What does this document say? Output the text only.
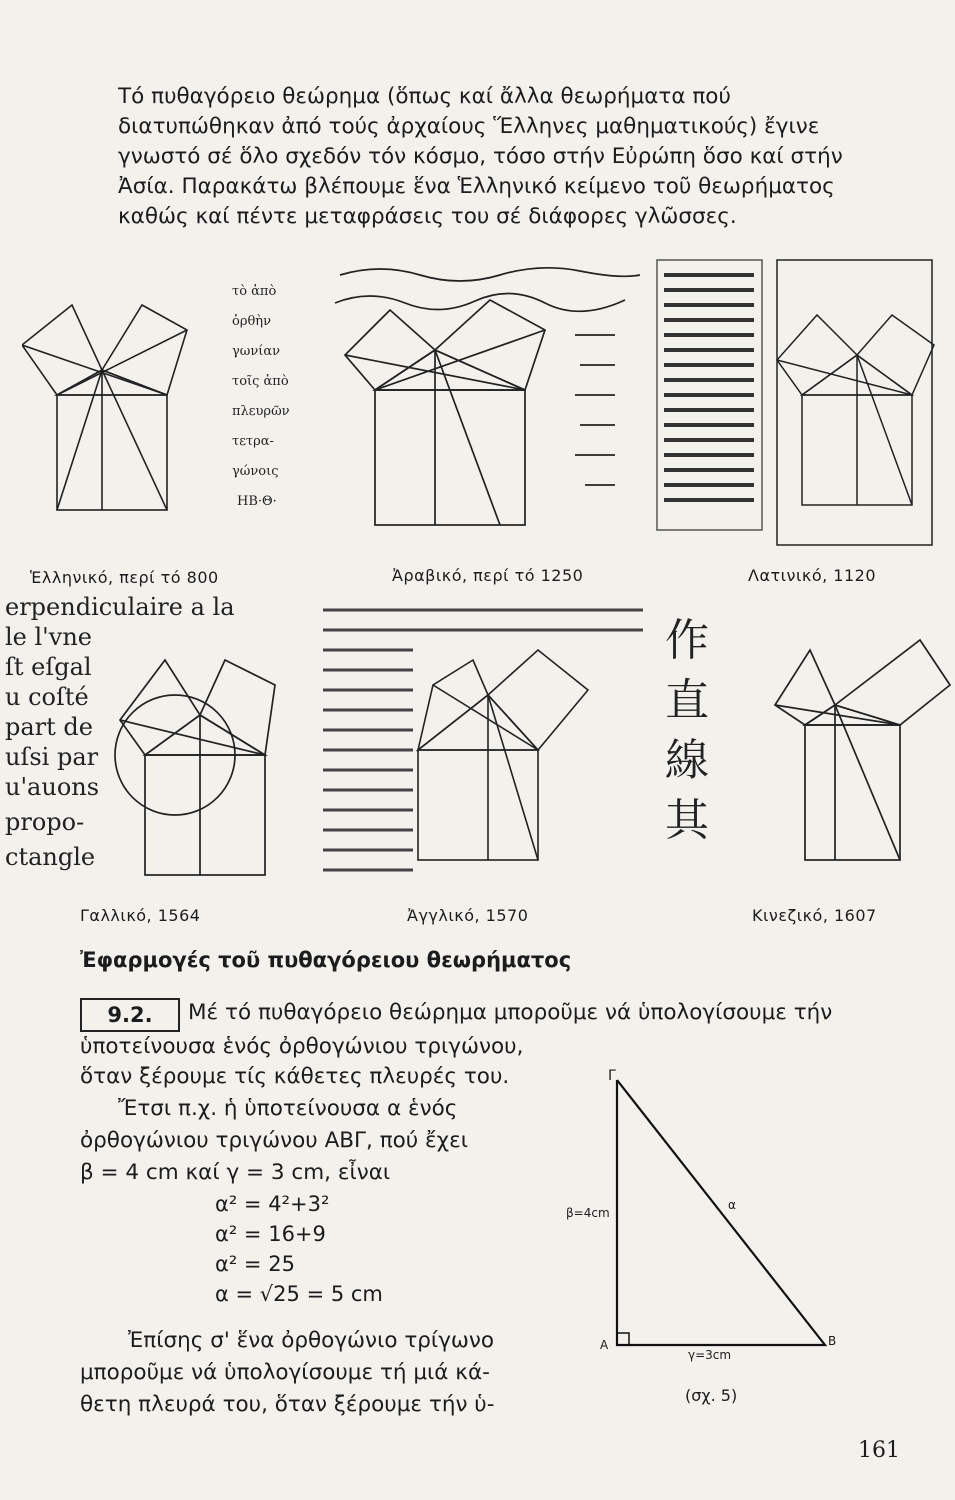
Τό πυθαγόρειο θεώρημα (ὅπως καί ἄλλα θεωρήματα πού διατυπώθηκαν ἀπό τούς ἀρχαίους Ἕλληνες μαθηματικούς) ἔγινε γνωστό σέ ὅλο σχεδόν τόν κόσμο, τόσο στήν Εὐρώπη ὅσο καί στήν Ἀσία. Παρακάτω βλέπουμε ἕνα Ἑλληνικό κείμενο τοῦ θεωρήματος καθώς καί πέντε μεταφράσεις του σέ διάφορες γλῶσσες.

τὸ ἀπὸ
ὀρθὴν
γωνίαν
τοῖς ἀπὸ
πλευρῶν
τετρα-
γώνοις
ΗΒ·Θ·
Ἑλληνικό, περί τό 800	Ἀραβικό, περί τό 1250	Λατινικό, 1120
erpendiculaire a la
le l'vne
ſt eſgal
u coſté
part de
uſsi par
u'auons
propo-
ctangle
作
直
線
其
Γαλλικό, 1564	Ἀγγλικό, 1570	Κινεζικό, 1607
Ἐφαρμογές τοῦ πυθαγόρειου θεωρήματος
9.2.	Μέ τό πυθαγόρειο θεώρημα μποροῦμε νά ὑπολογίσουμε τήν

ὑποτείνουσα ἑνός ὀρθογώνιου τριγώνου,

ὅταν ξέρουμε τίς κάθετες πλευρές του.

Ἔτσι π.χ. ἡ ὑποτείνουσα α ἑνός

ὀρθογώνιου τριγώνου ΑΒΓ, πού ἔχει

β = 4 cm καί γ = 3 cm, εἶναι

α² = 4²+3²
α² = 16+9
α² = 25
α = √25 = 5 cm

Ἐπίσης σ' ἕνα ὀρθογώνιο τρίγωνο

μποροῦμε νά ὑπολογίσουμε τή μιά κά-

θετη πλευρά του, ὅταν ξέρουμε τήν ὑ-

Γ
A	B
α
β=4cm
γ=3cm
(σχ. 5)
161
